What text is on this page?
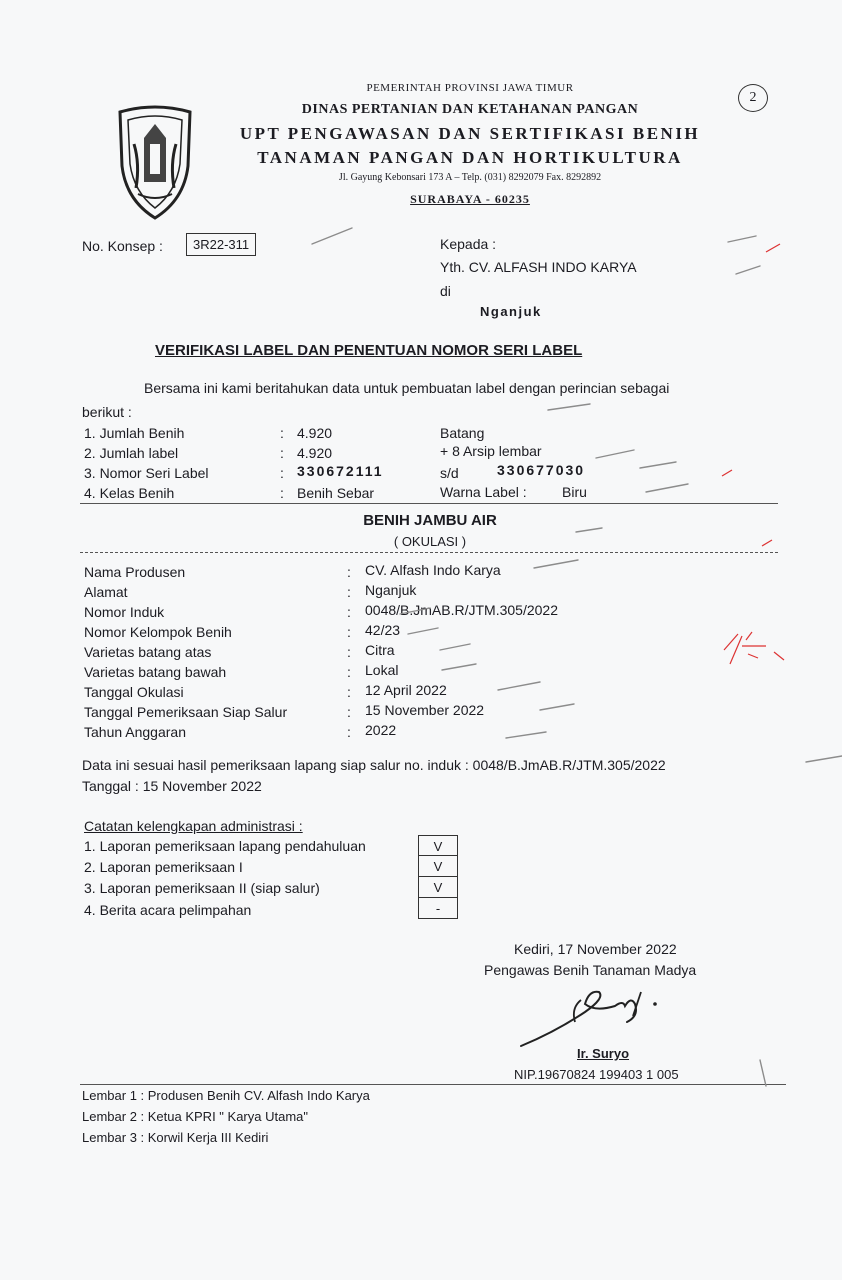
2
PEMERINTAH PROVINSI JAWA TIMUR
DINAS PERTANIAN DAN KETAHANAN PANGAN
UPT PENGAWASAN DAN SERTIFIKASI BENIH
TANAMAN PANGAN DAN HORTIKULTURA
Jl. Gayung Kebonsari 173 A – Telp. (031) 8292079 Fax. 8292892
SURABAYA - 60235
No. Konsep :	3R22-311	Kepada :
Yth. CV. ALFASH INDO KARYA
di
Nganjuk
VERIFIKASI LABEL DAN PENENTUAN NOMOR SERI LABEL
Bersama ini kami beritahukan data untuk pembuatan label dengan perincian sebagai
berikut :
1. Jumlah Benih	: 4.920	Batang
2. Jumlah label	: 4.920	+ 8 Arsip lembar
3. Nomor Seri Label	: 330672111	s/d	330677030
4. Kelas Benih	: Benih Sebar	Warna Label :	Biru
BENIH JAMBU AIR
( OKULASI )
Nama Produsen	: CV. Alfash Indo Karya
Alamat	: Nganjuk
Nomor Induk	: 0048/B.JmAB.R/JTM.305/2022
Nomor Kelompok Benih	: 42/23
Varietas batang atas	: Citra
Varietas batang bawah	: Lokal
Tanggal Okulasi	: 12 April 2022
Tanggal Pemeriksaan Siap Salur	: 15 November 2022
Tahun Anggaran	: 2022
Data ini sesuai hasil pemeriksaan lapang siap salur no. induk : 0048/B.JmAB.R/JTM.305/2022
Tanggal : 15 November 2022
Catatan kelengkapan administrasi :
1. Laporan pemeriksaan lapang pendahuluan	V
2. Laporan pemeriksaan I	V
3. Laporan pemeriksaan II (siap salur)	V
4. Berita acara pelimpahan	-
Kediri, 17 November 2022
Pengawas Benih Tanaman Madya
Ir. Suryo
NIP.19670824 199403 1 005
Lembar 1 : Produsen Benih CV. Alfash Indo Karya
Lembar 2 : Ketua KPRI " Karya Utama"
Lembar 3 : Korwil Kerja III Kediri
